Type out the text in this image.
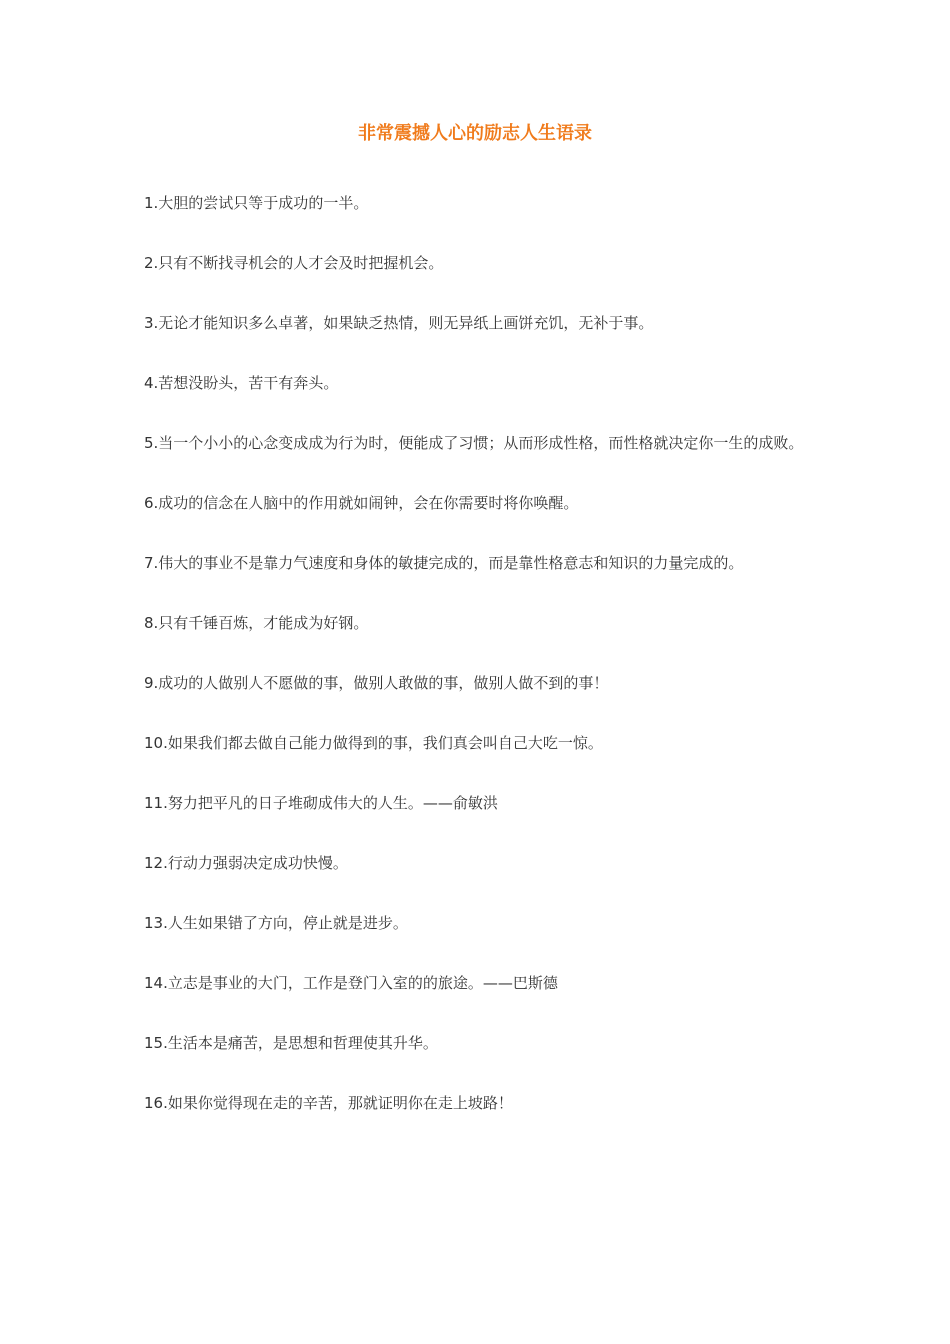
非常震撼人心的励志人生语录
1.大胆的尝试只等于成功的一半。
2.只有不断找寻机会的人才会及时把握机会。
3.无论才能知识多么卓著，如果缺乏热情，则无异纸上画饼充饥，无补于事。
4.苦想没盼头，苦干有奔头。
5.当一个小小的心念变成成为行为时，便能成了习惯；从而形成性格，而性格就决定你一生的成败。
6.成功的信念在人脑中的作用就如闹钟，会在你需要时将你唤醒。
7.伟大的事业不是靠力气速度和身体的敏捷完成的，而是靠性格意志和知识的力量完成的。
8.只有千锤百炼，才能成为好钢。
9.成功的人做别人不愿做的事，做别人敢做的事，做别人做不到的事！
10.如果我们都去做自己能力做得到的事，我们真会叫自己大吃一惊。
11.努力把平凡的日子堆砌成伟大的人生。——俞敏洪
12.行动力强弱决定成功快慢。
13.人生如果错了方向，停止就是进步。
14.立志是事业的大门，工作是登门入室的的旅途。——巴斯德
15.生活本是痛苦，是思想和哲理使其升华。
16.如果你觉得现在走的辛苦，那就证明你在走上坡路！
